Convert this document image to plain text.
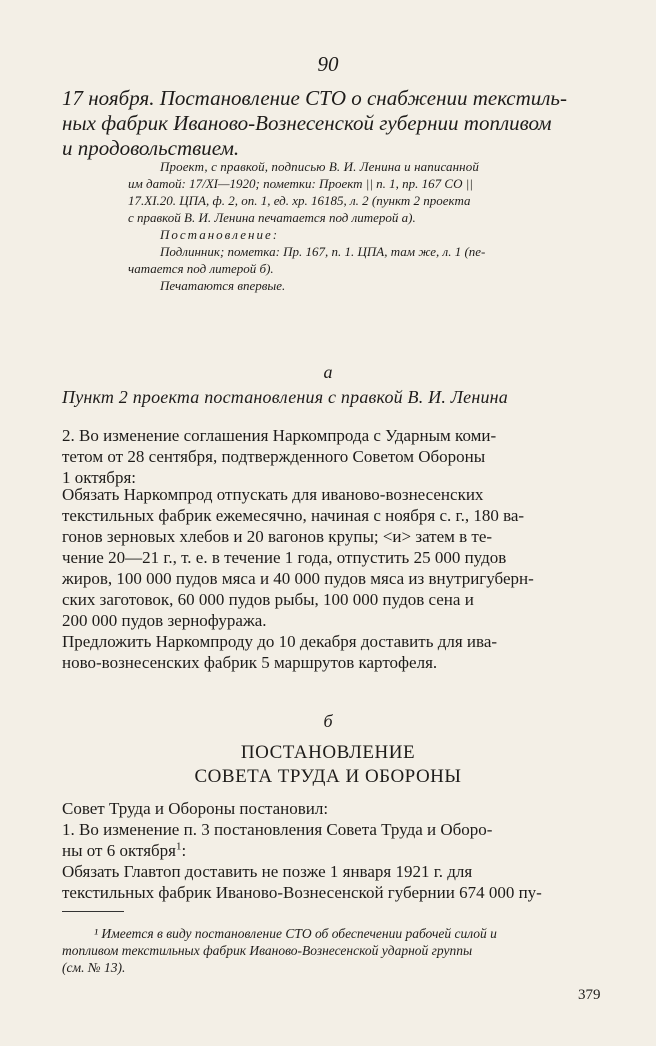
90
17 ноября. Постановление СТО о снабжении текстиль-
ных фабрик Иваново-Вознесенской губернии топливом
и продовольствием.
Проект, с правкой, подписью В. И. Ленина и написанной
им датой: 17/XI—1920; пометки: Проект || п. 1, пр. 167 СО ||
17.XI.20. ЦПА, ф. 2, оп. 1, ед. хр. 16185, л. 2 (пункт 2 проекта
с правкой В. И. Ленина печатается под литерой а).
Постановление:
Подлинник; пометка: Пр. 167, п. 1. ЦПА, там же, л. 1 (пе-
чатается под литерой б).
Печатаются впервые.
а
Пункт 2 проекта постановления с правкой В. И. Ленина
2. Во изменение соглашения Наркомпрода с Ударным коми-
тетом от 28 сентября, подтвержденного Советом Обороны
1 октября:
Обязать Наркомпрод отпускать для иваново-вознесенских
текстильных фабрик ежемесячно, начиная с ноября с. г., 180 ва-
гонов зерновых хлебов и 20 вагонов крупы; <и> затем в те-
чение 20—21 г., т. е. в течение 1 года, отпустить 25 000 пудов
жиров, 100 000 пудов мяса и 40 000 пудов мяса из внутригуберн-
ских заготовок, 60 000 пудов рыбы, 100 000 пудов сена и
200 000 пудов зернофуража.
Предложить Наркомпроду до 10 декабря доставить для ива-
ново-вознесенских фабрик 5 маршрутов картофеля.
б
ПОСТАНОВЛЕНИЕ
СОВЕТА ТРУДА И ОБОРОНЫ
Совет Труда и Обороны постановил:
1. Во изменение п. 3 постановления Совета Труда и Оборо-
ны от 6 октября$^1$:
Обязать Главтоп доставить не позже 1 января 1921 г. для
текстильных фабрик Иваново-Вознесенской губернии 674 000 пу-
¹ Имеется в виду постановление СТО об обеспечении рабочей силой и
топливом текстильных фабрик Иваново-Вознесенской ударной группы
(см. № 13).
379
